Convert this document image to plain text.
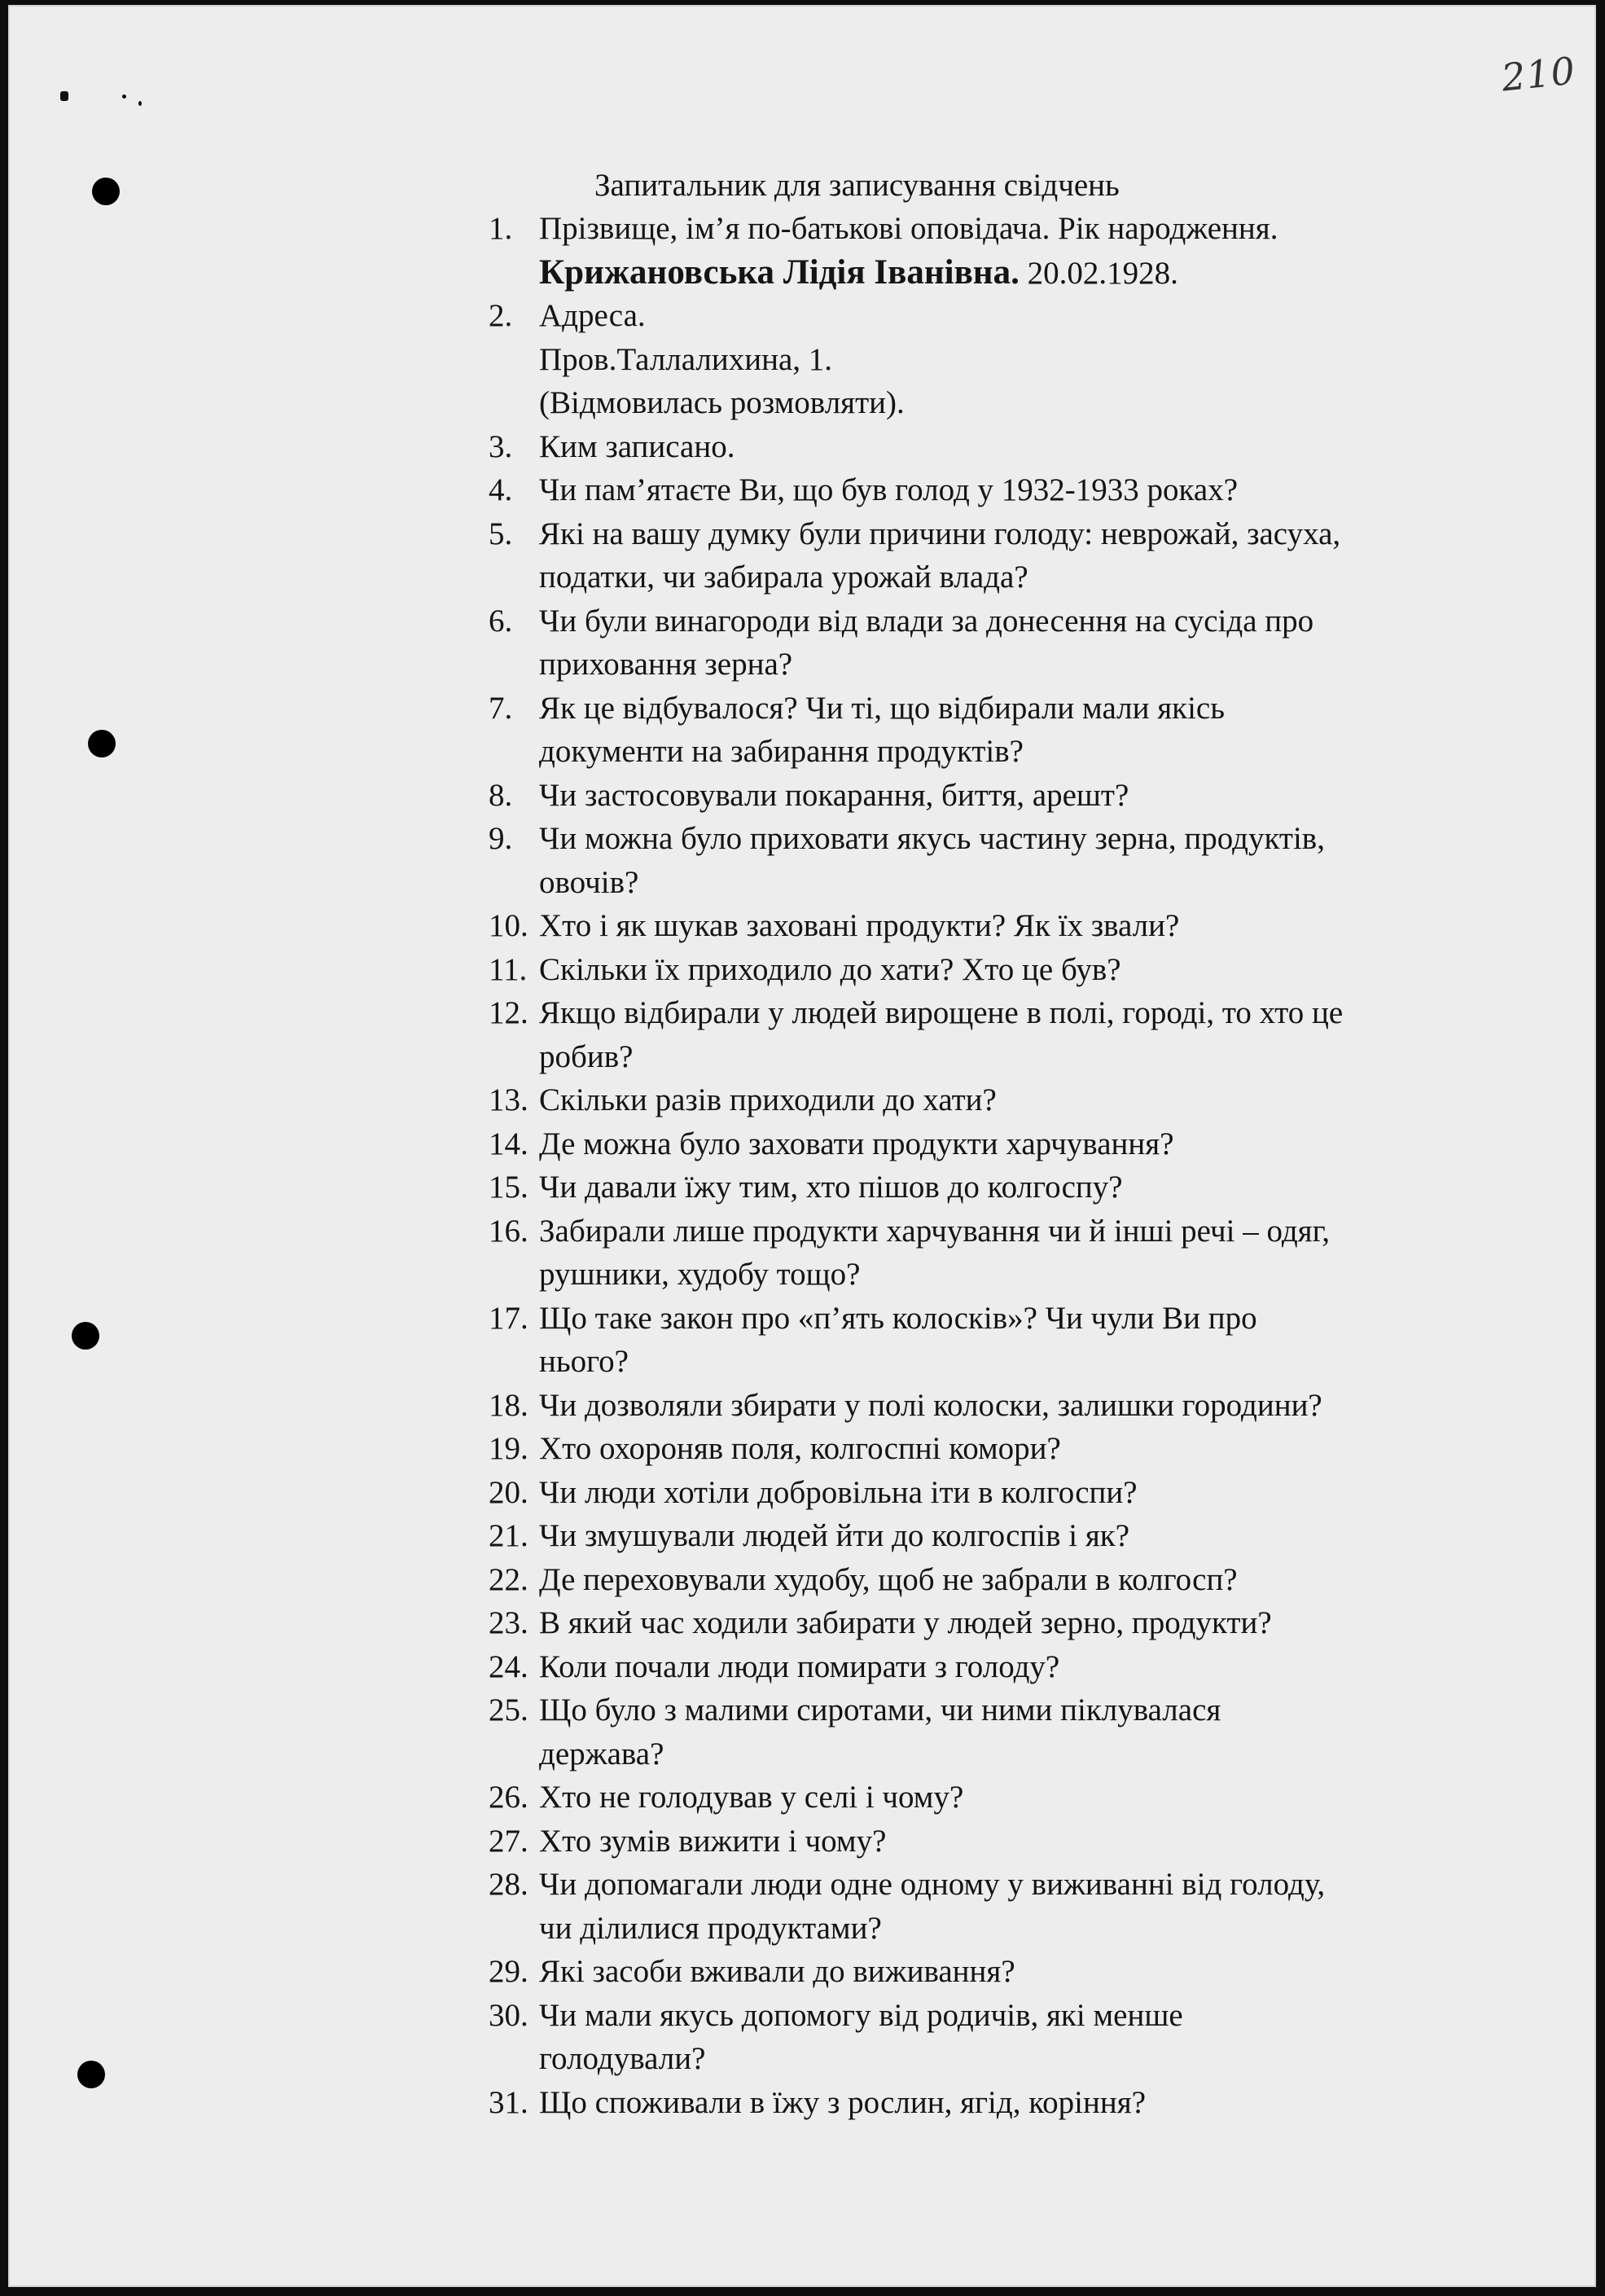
210
Запитальник для записування свідчень
1. Прізвище, ім’я по-батькові оповідача. Рік народження.
Крижановська Лідія Іванівна. 20.02.1928.
2. Адреса.
Пров.Таллалихина, 1.
(Відмовилась розмовляти).
3. Ким записано.
4. Чи пам’ятаєте Ви, що був голод у 1932-1933 роках?
5. Які на вашу думку були причини голоду: неврожай, засуха,
податки, чи забирала урожай влада?
6. Чи були винагороди від влади за донесення на сусіда про
приховання зерна?
7. Як це відбувалося? Чи ті, що відбирали мали якісь
документи на забирання продуктів?
8. Чи застосовували покарання, биття, арешт?
9. Чи можна було приховати якусь частину зерна, продуктів,
овочів?
10. Хто і як шукав заховані продукти? Як їх звали?
11. Скільки їх приходило до хати? Хто це був?
12. Якщо відбирали у людей вирощене в полі, городі, то хто це
робив?
13. Скільки разів приходили до хати?
14. Де можна було заховати продукти харчування?
15. Чи давали їжу тим, хто пішов до колгоспу?
16. Забирали лише продукти харчування чи й інші речі – одяг,
рушники, худобу тощо?
17. Що таке закон про «п’ять колосків»? Чи чули Ви про
нього?
18. Чи дозволяли збирати у полі колоски, залишки городини?
19. Хто охороняв поля, колгоспні комори?
20. Чи люди хотіли добровільна іти в колгоспи?
21. Чи змушували людей йти до колгоспів і як?
22. Де переховували худобу, щоб не забрали в колгосп?
23. В який час ходили забирати у людей зерно, продукти?
24. Коли почали люди помирати з голоду?
25. Що було з малими сиротами, чи ними піклувалася
держава?
26. Хто не голодував у селі і чому?
27. Хто зумів вижити і чому?
28. Чи допомагали люди одне одному у виживанні від голоду,
чи ділилися продуктами?
29. Які засоби вживали до виживання?
30. Чи мали якусь допомогу від родичів, які менше
голодували?
31. Що споживали в їжу з рослин, ягід, коріння?
